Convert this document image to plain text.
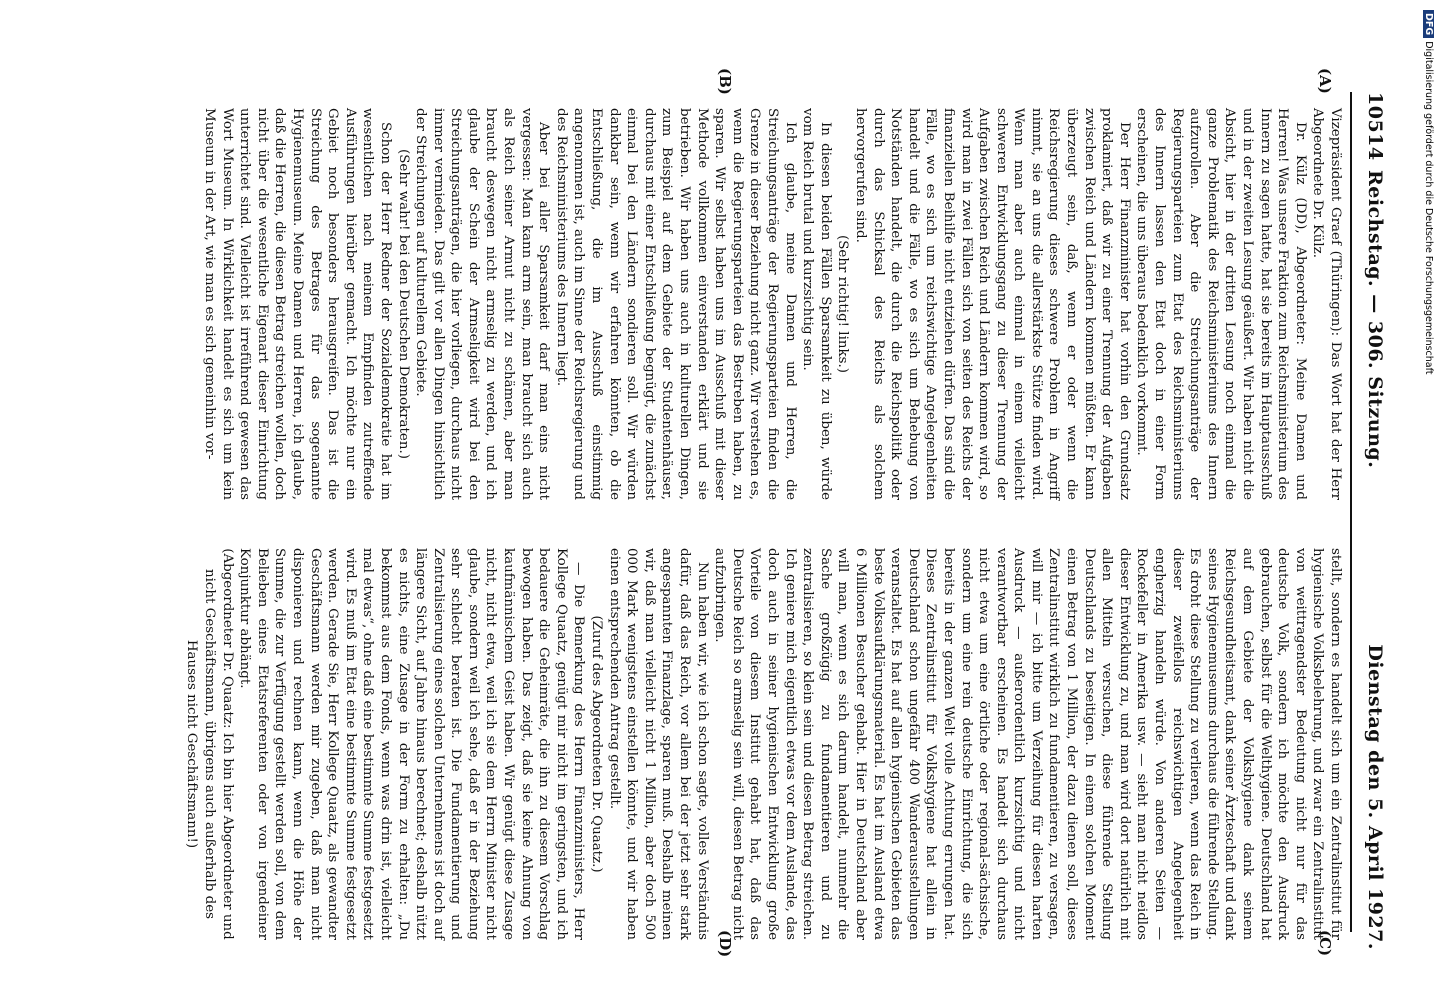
10514
Reichstag. — 306. Sitzung.
Dienstag den 5. April 1927.
(A)
(B)
(C)
(D)

Vizepräsident Graef (Thüringen): Das Wort hat der Herr Abgeordnete Dr. Külz.

Dr. Külz (DD), Abgeordneter: Meine Damen und Herren! Was unsere Fraktion zum Reichsministerium des Innern zu sagen hatte, hat sie bereits im Hauptausschuß und in der zweiten Lesung geäußert. Wir haben nicht die Absicht, hier in der dritten Lesung noch einmal die ganze Problematik des Reichsministeriums des Innern aufzurollen. Aber die Streichungsanträge der Regierungsparteien zum Etat des Reichsministeriums des Innern lassen den Etat doch in einer Form erscheinen, die uns überaus bedenklich vorkommt.

Der Herr Finanzminister hat vorhin den Grundsatz proklamiert, daß wir zu einer Trennung der Aufgaben zwischen Reich und Ländern kommen müßten. Er kann überzeugt sein, daß, wenn er oder wenn die Reichsregierung dieses schwere Problem in Angriff nimmt, sie an uns die allerstärkste Stütze finden wird. Wenn man aber auch einmal in einem vielleicht schweren Entwicklungsgang zu dieser Trennung der Aufgaben zwischen Reich und Ländern kommen wird, so wird man in zwei Fällen sich von seiten des Reichs der finanziellen Beihilfe nicht entziehen dürfen. Das sind die Fälle, wo es sich um reichswichtige Angelegenheiten handelt und die Fälle, wo es sich um Behebung von Notständen handelt, die durch die Reichspolitik oder durch das Schicksal des Reichs als solchem hervorgerufen sind.

(Sehr richtig! links.)

In diesen beiden Fällen Sparsamkeit zu üben, würde vom Reich brutal und kurzsichtig sein.

Ich glaube, meine Damen und Herren, die Streichungsanträge der Regierungsparteien finden die Grenze in dieser Beziehung nicht ganz. Wir verstehen es, wenn die Regierungsparteien das Bestreben haben, zu sparen. Wir selbst haben uns im Ausschuß mit dieser Methode vollkommen einverstanden erklärt und sie betrieben. Wir haben uns auch in kulturellen Dingen, zum Beispiel auf dem Gebiete der Studentenhäuser, durchaus mit einer Entschließung begnügt, die zunächst einmal bei den Ländern sondieren soll. Wir würden dankbar sein, wenn wir erfahren könnten, ob die Entschließung, die im Ausschuß einstimmig angenommen ist, auch im Sinne der Reichsregierung und des Reichsministeriums des Innern liegt.

Aber bei aller Sparsamkeit darf man eins nicht vergessen: Man kann arm sein, man braucht sich auch als Reich seiner Armut nicht zu schämen, aber man braucht deswegen nicht armselig zu werden, und ich glaube der Schein der Armseligkeit wird bei den Streichungsanträgen, die hier vorliegen, durchaus nicht immer vermieden. Das gilt vor allen Dingen hinsichtlich der Streichungen auf kulturellem Gebiete.

(Sehr wahr! bei den Deutschen Demokraten.)

Schon der Herr Redner der Sozialdemokratie hat im wesentlichen nach meinem Empfinden zutreffende Ausführungen hierüber gemacht. Ich möchte nur ein Gebiet noch besonders herausgreifen. Das ist die Streichung des Betrages für das sogenannte Hygienemuseum. Meine Damen und Herren, ich glaube, daß die Herren, die diesen Betrag streichen wollen, doch nicht über die wesentliche Eigenart dieser Einrichtung unterrichtet sind. Vielleicht ist irreführend gewesen das Wort Museum. In Wirklichkeit handelt es sich um kein Museum in der Art, wie man es sich gemeinhin vor-

stellt, sondern es handelt sich um ein Zentralinstitut für hygienische Volksbelehrung, und zwar ein Zentralinstitut von weittragendster Bedeutung nicht nur für das deutsche Volk, sondern ich möchte den Ausdruck gebrauchen, selbst für die Welthygiene. Deutschland hat auf dem Gebiete der Volkshygiene dank seinem Reichsgesundheitsamt, dank seiner Ärzteschaft und dank seines Hygienemuseums durchaus die führende Stellung. Es droht diese Stellung zu verlieren, wenn das Reich in dieser zweifellos reichswichtigen Angelegenheit engherzig handeln würde. Von anderen Seiten — Rockefeller in Amerika usw. — sieht man nicht neidlos dieser Entwicklung zu, und man wird dort natürlich mit allen Mitteln versuchen, diese führende Stellung Deutschlands zu beseitigen. In einem solchen Moment einen Betrag von 1 Million, der dazu dienen soll, dieses Zentralinstitut wirklich zu fundamentieren, zu versagen, will mir — ich bitte um Verzeihung für diesen harten Ausdruck — außerordentlich kurzsichtig und nicht verantwortbar erscheinen. Es handelt sich durchaus nicht etwa um eine örtliche oder regional-sächsische, sondern um eine rein deutsche Einrichtung, die sich bereits in der ganzen Welt volle Achtung errungen hat. Dieses Zentralinstitut für Volkshygiene hat allein in Deutschland schon ungefähr 400 Wanderausstellungen veranstaltet. Es hat auf allen hygienischen Gebieten das beste Volksaufklärungsmaterial. Es hat im Ausland etwa 6 Millionen Besucher gehabt. Hier in Deutschland aber will man, wenn es sich darum handelt, nunmehr die Sache großzügig zu fundamentieren und zu zentralisieren, so klein sein und diesen Betrag streichen. Ich geniere mich eigentlich etwas vor dem Auslande, das doch auch in seiner hygienischen Entwicklung große Vorteile von diesem Institut gehabt hat, daß das Deutsche Reich so armselig sein will, diesen Betrag nicht aufzubringen.

Nun haben wir, wie ich schon sagte, volles Verständnis dafür, daß das Reich, vor allem bei der jetzt sehr stark angespannten Finanzlage, sparen muß. Deshalb meinen wir, daß man vielleicht nicht 1 Million, aber doch 500 000 Mark wenigstens einstellen könnte, und wir haben einen entsprechenden Antrag gestellt.

(Zuruf des Abgeordneten Dr. Quaatz.)

— Die Bemerkung des Herrn Finanzministers, Herr Kollege Quaatz, genügt mir nicht im geringsten, und ich bedauere die Geheimräte, die ihn zu diesem Vorschlag bewogen haben. Das zeigt, daß sie keine Ahnung von kaufmännischem Geist haben. Wir genügt diese Zusage nicht, nicht etwa, weil ich sie dem Herrn Minister nicht glaube, sondern weil ich sehe, daß er in der Beziehung sehr schlecht beraten ist. Die Fundamentierung und Zentralisierung eines solchen Unternehmens ist doch auf längere Sicht, auf Jahre hinaus berechnet; deshalb nützt es nichts, eine Zusage in der Form zu erhalten: „Du bekommst aus dem Fonds, wenn was drin ist, vielleicht mal etwas“, ohne daß eine bestimmte Summe festgesetzt wird. Es muß im Etat eine bestimmte Summe festgesetzt werden. Gerade Sie, Herr Kollege Quaatz, als gewandter Geschäftsmann werden mir zugeben, daß man nicht disponieren und rechnen kann, wenn die Höhe der Summe, die zur Verfügung gestellt werden soll, von dem Belieben eines Etatsreferenten oder von irgendeiner Konjunktur abhängt.

(Abgeordneter Dr. Quaatz: Ich bin hier Abgeordneter und nicht Geschäftsmann, übrigens auch außerhalb des Hauses nicht Geschäftsmann!)

DFG Digitalisierung gefördert durch die Deutsche Forschungsgemeinschaft
